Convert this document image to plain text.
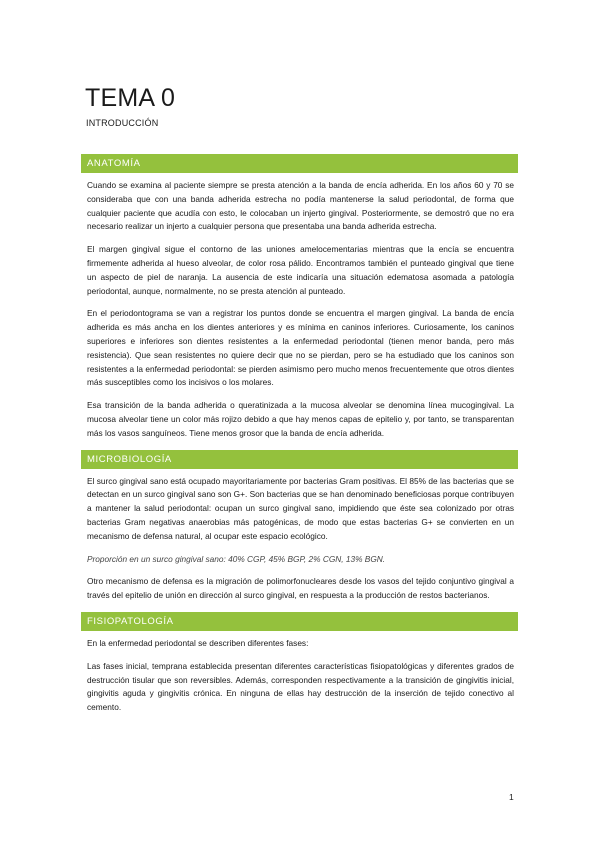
TEMA 0

INTRODUCCIÓN

ANATOMÍA

Cuando se examina al paciente siempre se presta atención a la banda de encía adherida. En los años 60 y 70 se consideraba que con una banda adherida estrecha no podía mantenerse la salud periodontal, de forma que cualquier paciente que acudía con esto, le colocaban un injerto gingival. Posteriormente, se demostró que no era necesario realizar un injerto a cualquier persona que presentaba una banda adherida estrecha.

El margen gingival sigue el contorno de las uniones amelocementarias mientras que la encía se encuentra firmemente adherida al hueso alveolar, de color rosa pálido. Encontramos también el punteado gingival que tiene un aspecto de piel de naranja. La ausencia de este indicaría una situación edematosa asomada a patología periodontal, aunque, normalmente, no se presta atención al punteado.

En el periodontograma se van a registrar los puntos donde se encuentra el margen gingival. La banda de encía adherida es más ancha en los dientes anteriores y es mínima en caninos inferiores. Curiosamente, los caninos superiores e inferiores son dientes resistentes a la enfermedad periodontal (tienen menor banda, pero más resistencia). Que sean resistentes no quiere decir que no se pierdan, pero se ha estudiado que los caninos son resistentes a la enfermedad periodontal: se pierden asimismo pero mucho menos frecuentemente que otros dientes más susceptibles como los incisivos o los molares.

Esa transición de la banda adherida o queratinizada a la mucosa alveolar se denomina línea mucogingival. La mucosa alveolar tiene un color más rojizo debido a que hay menos capas de epitelio y, por tanto, se transparentan más los vasos sanguíneos. Tiene menos grosor que la banda de encía adherida.

MICROBIOLOGÍA

El surco gingival sano está ocupado mayoritariamente por bacterias Gram positivas. El 85% de las bacterias que se detectan en un surco gingival sano son G+. Son bacterias que se han denominado beneficiosas porque contribuyen a mantener la salud periodontal: ocupan un surco gingival sano, impidiendo que éste sea colonizado por otras bacterias Gram negativas anaerobias más patogénicas, de modo que estas bacterias G+ se convierten en un mecanismo de defensa natural, al ocupar este espacio ecológico.

Proporción en un surco gingival sano: 40% CGP, 45% BGP, 2% CGN, 13% BGN.

Otro mecanismo de defensa es la migración de polimorfonucleares desde los vasos del tejido conjuntivo gingival a través del epitelio de unión en dirección al surco gingival, en respuesta a la producción de restos bacterianos.

FISIOPATOLOGÍA

En la enfermedad periodontal se describen diferentes fases:

Las fases inicial, temprana establecida presentan diferentes características fisiopatológicas y diferentes grados de destrucción tisular que son reversibles. Además, corresponden respectivamente a la transición de gingivitis inicial, gingivitis aguda y gingivitis crónica. En ninguna de ellas hay destrucción de la inserción de tejido conectivo al cemento.

1
